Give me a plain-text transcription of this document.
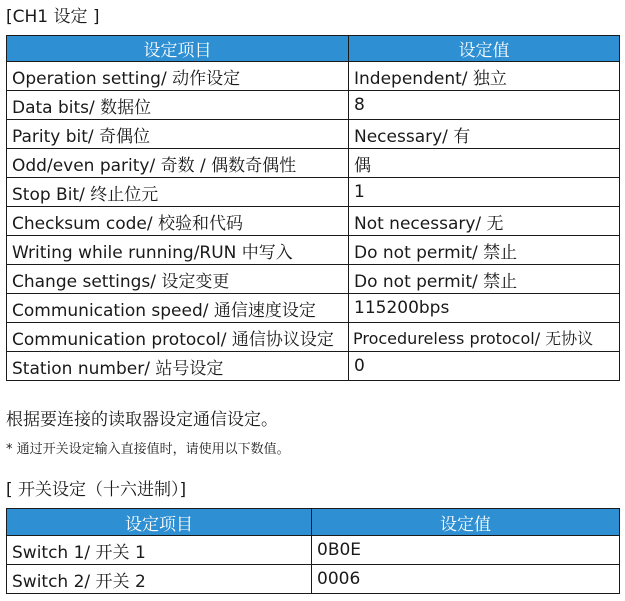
[CH1 设定 ]
设定项目	设定值
Operation setting/ 动作设定	Independent/ 独立
Data bits/ 数据位	8
Parity bit/ 奇偶位	Necessary/ 有
Odd/even parity/ 奇数 / 偶数奇偶性	偶
Stop Bit/ 终止位元	1
Checksum code/ 校验和代码	Not necessary/ 无
Writing while running/RUN 中写入	Do not permit/ 禁止
Change settings/ 设定变更	Do not permit/ 禁止
Communication speed/ 通信速度设定	115200bps
Communication protocol/ 通信协议设定	Procedureless protocol/ 无协议
Station number/ 站号设定	0
根据要连接的读取器设定通信设定。
* 通过开关设定输入直接值时，请使用以下数值。
[ 开关设定（十六进制）]
设定项目	设定值
Switch 1/ 开关 1	0B0E
Switch 2/ 开关 2	0006
